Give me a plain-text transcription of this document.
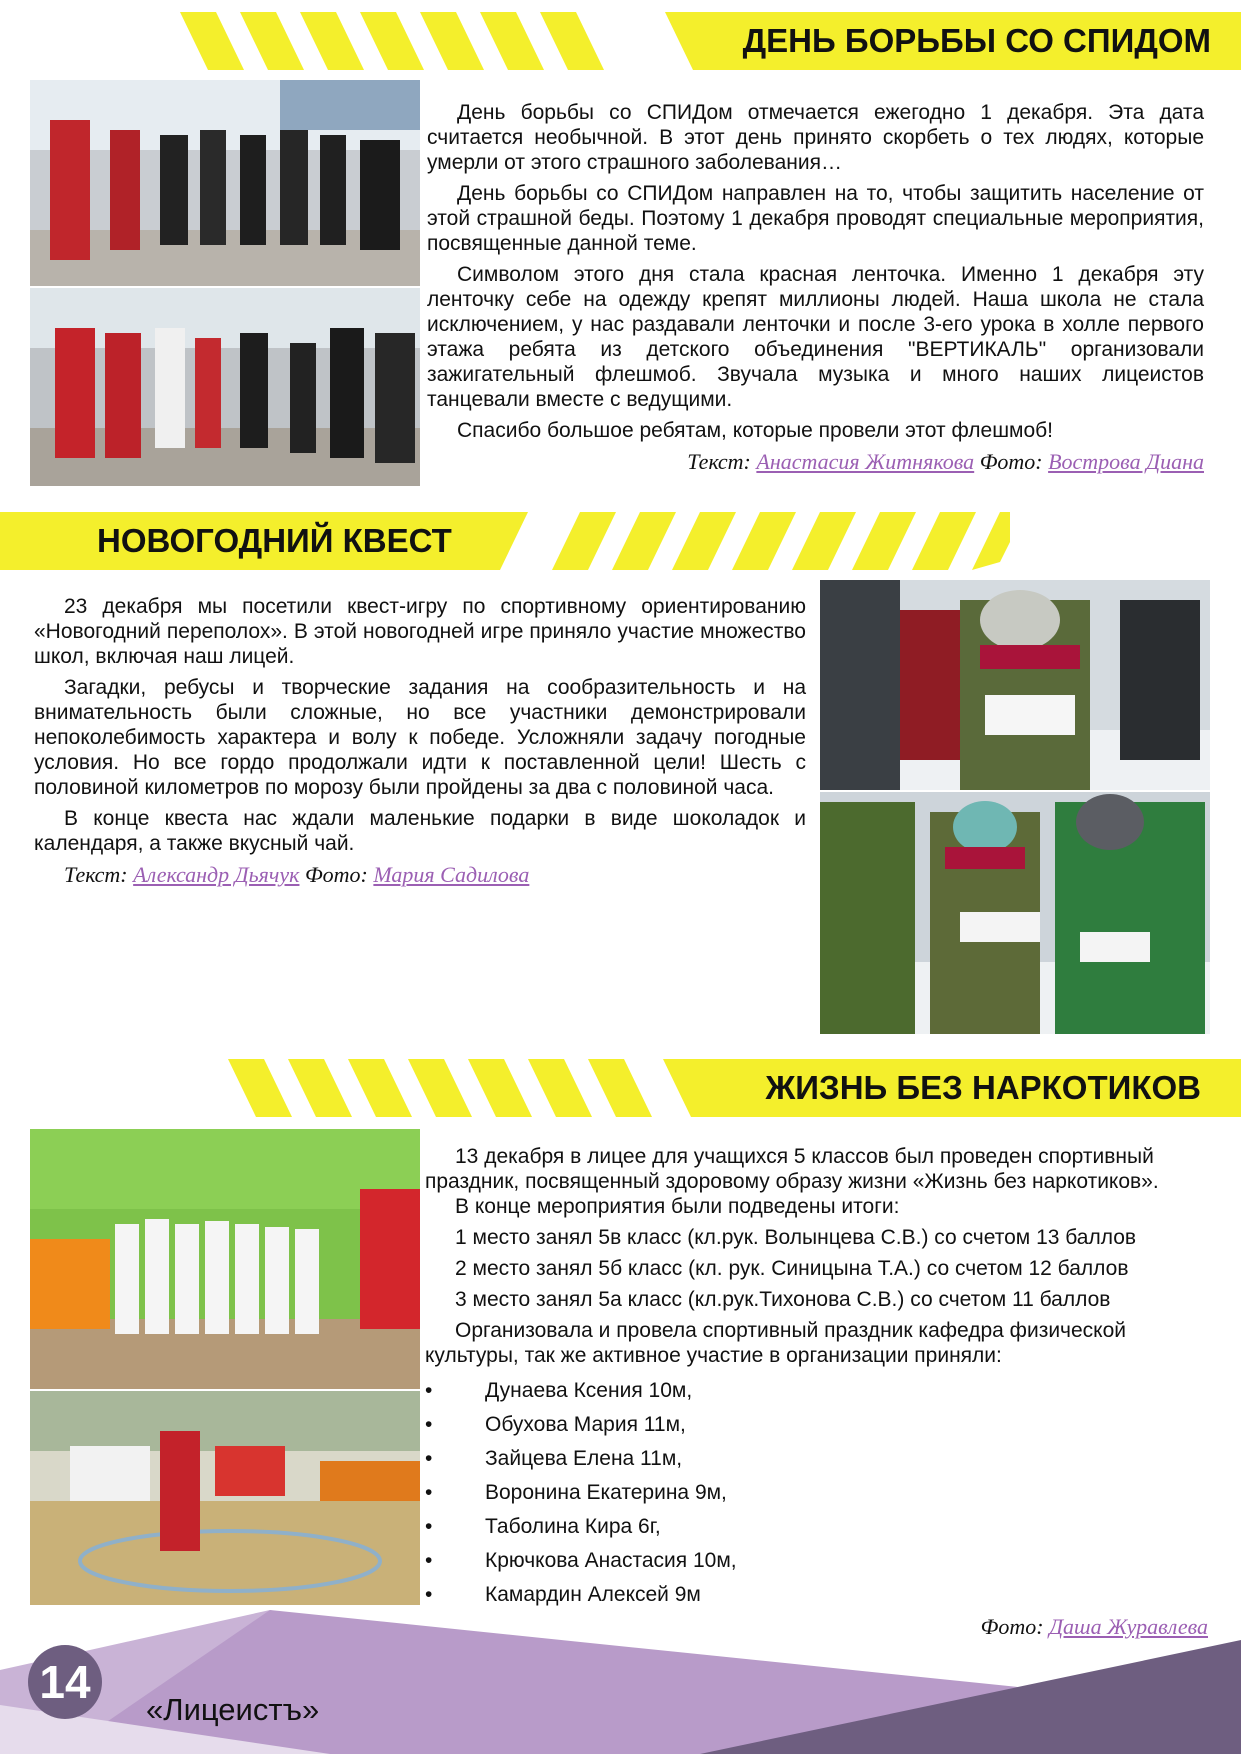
ДЕНЬ БОРЬБЫ СО СПИДОМ

День борьбы со СПИДом отмечается ежегодно 1 декабря. Эта дата считается необычной. В этот день принято скорбеть о тех людях, которые умерли от этого страшного заболевания…

День борьбы со СПИДом направлен на то, чтобы защитить население от этой страшной беды. Поэтому 1 декабря проводят специальные мероприятия, посвященные данной теме.

Символом этого дня стала красная ленточка. Именно 1 декабря эту ленточку себе на одежду крепят миллионы людей. Наша школа не стала исключением, у нас раздавали ленточки и после 3-его урока в холле первого этажа ребята из детского объединения "ВЕРТИКАЛЬ" организовали зажигательный флешмоб. Звучала музыка и много наших лицеистов танцевали вместе с ведущими.

Спасибо большое ребятам, которые провели этот флешмоб!

Текст: Анастасия Житнякова Фото: Вострова Диана
НОВОГОДНИЙ КВЕСТ

23 декабря мы посетили квест-игру по спортивному ориентированию «Новогодний переполох». В этой новогодней игре приняло участие множество школ, включая наш лицей.

Загадки, ребусы и творческие задания на сообразительность и на внимательность были сложные, но все участники демонстрировали непоколебимость характера и волу к победе. Усложняли задачу погодные условия. Но все гордо продолжали идти к поставленной цели! Шесть с половиной километров по морозу были пройдены за два с половиной часа.

В конце квеста нас ждали маленькие подарки в виде шоколадок и календаря, а также вкусный чай.

Текст: Александр Дьячук Фото: Мария Садилова
ЖИЗНЬ БЕЗ НАРКОТИКОВ

13 декабря в лицее для учащихся 5 классов был проведен спортивный праздник, посвященный здоровому образу жизни «Жизнь без наркотиков».

В конце мероприятия были подведены итоги:

1 место занял 5в класс (кл.рук. Волынцева С.В.) со счетом 13 баллов

2 место занял 5б класс (кл. рук. Синицына Т.А.) со счетом 12 баллов

3 место занял 5а класс (кл.рук.Тихонова С.В.) со счетом 11 баллов

Организовала и провела спортивный праздник кафедра физической культуры, так же активное участие в организации приняли:

• Дунаева Ксения 10м,
• Обухова Мария 11м,
• Зайцева Елена 11м,
• Воронина Екатерина 9м,
• Таболина Кира 6г,
• Крючкова Анастасия 10м,
• Камардин Алексей 9м
Фото: Даша Журавлева
14
«Лицеистъ»
